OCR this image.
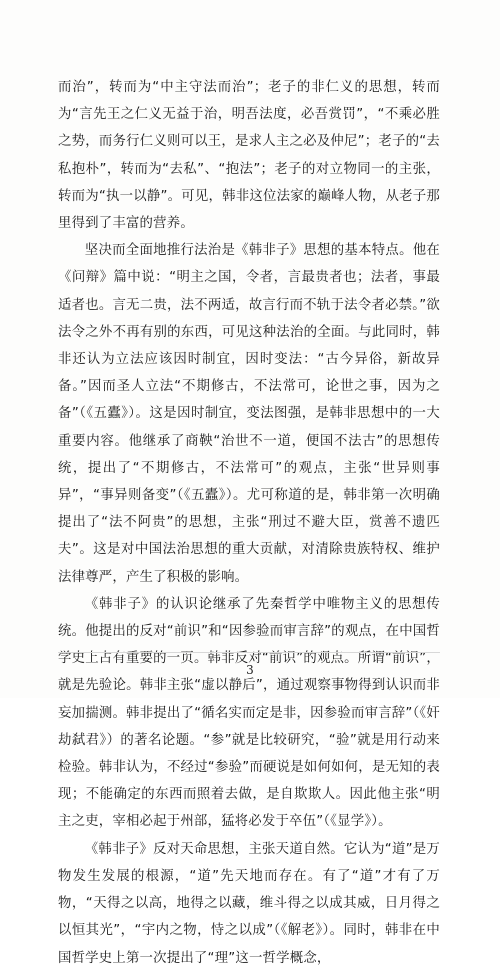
而治”，转而为“中主守法而治”；老子的非仁义的思想，转而为“言先王之仁义无益于治，明吾法度，必吾赏罚”，“不乘必胜之势，而务行仁义则可以王，是求人主之必及仲尼”；老子的“去私抱朴”，转而为“去私”、“抱法”；老子的对立物同一的主张，转而为“执一以静”。可见，韩非这位法家的巅峰人物，从老子那里得到了丰富的营养。

坚决而全面地推行法治是《韩非子》思想的基本特点。他在《问辩》篇中说：“明主之国，令者，言最贵者也；法者，事最适者也。言无二贵，法不两适，故言行而不轨于法令者必禁。”欲法令之外不再有别的东西，可见这种法治的全面。与此同时，韩非还认为立法应该因时制宜，因时变法：“古今异俗，新故异备。”因而圣人立法“不期修古，不法常可，论世之事，因为之备”（《五蠹》）。这是因时制宜，变法图强，是韩非思想中的一大重要内容。他继承了商鞅“治世不一道，便国不法古”的思想传统，提出了“不期修古，不法常可”的观点，主张“世异则事异”，“事异则备变”（《五蠹》）。尤可称道的是，韩非第一次明确提出了“法不阿贵”的思想，主张“刑过不避大臣，赏善不遗匹夫”。这是对中国法治思想的重大贡献，对清除贵族特权、维护法律尊严，产生了积极的影响。

《韩非子》的认识论继承了先秦哲学中唯物主义的思想传统。他提出的反对“前识”和“因参验而审言辞”的观点，在中国哲学史上占有重要的一页。韩非反对“前识”的观点。所谓“前识”，就是先验论。韩非主张“虚以静后”，通过观察事物得到认识而非妄加揣测。韩非提出了“循名实而定是非，因参验而审言辞”（《奸劫弑君》）的著名论题。“参”就是比较研究，“验”就是用行动来检验。韩非认为，不经过“参验”而硬说是如何如何，是无知的表现；不能确定的东西而照着去做，是自欺欺人。因此他主张“明主之吏，宰相必起于州部，猛将必发于卒伍”（《显学》）。

《韩非子》反对天命思想，主张天道自然。它认为“道”是万物发生发展的根源，“道”先天地而存在。有了“道”才有了万物，“天得之以高，地得之以藏，维斗得之以成其威，日月得之以恒其光”，“宇内之物，恃之以成”（《解老》）。同时，韩非在中国哲学史上第一次提出了“理”这一哲学概念，

3
